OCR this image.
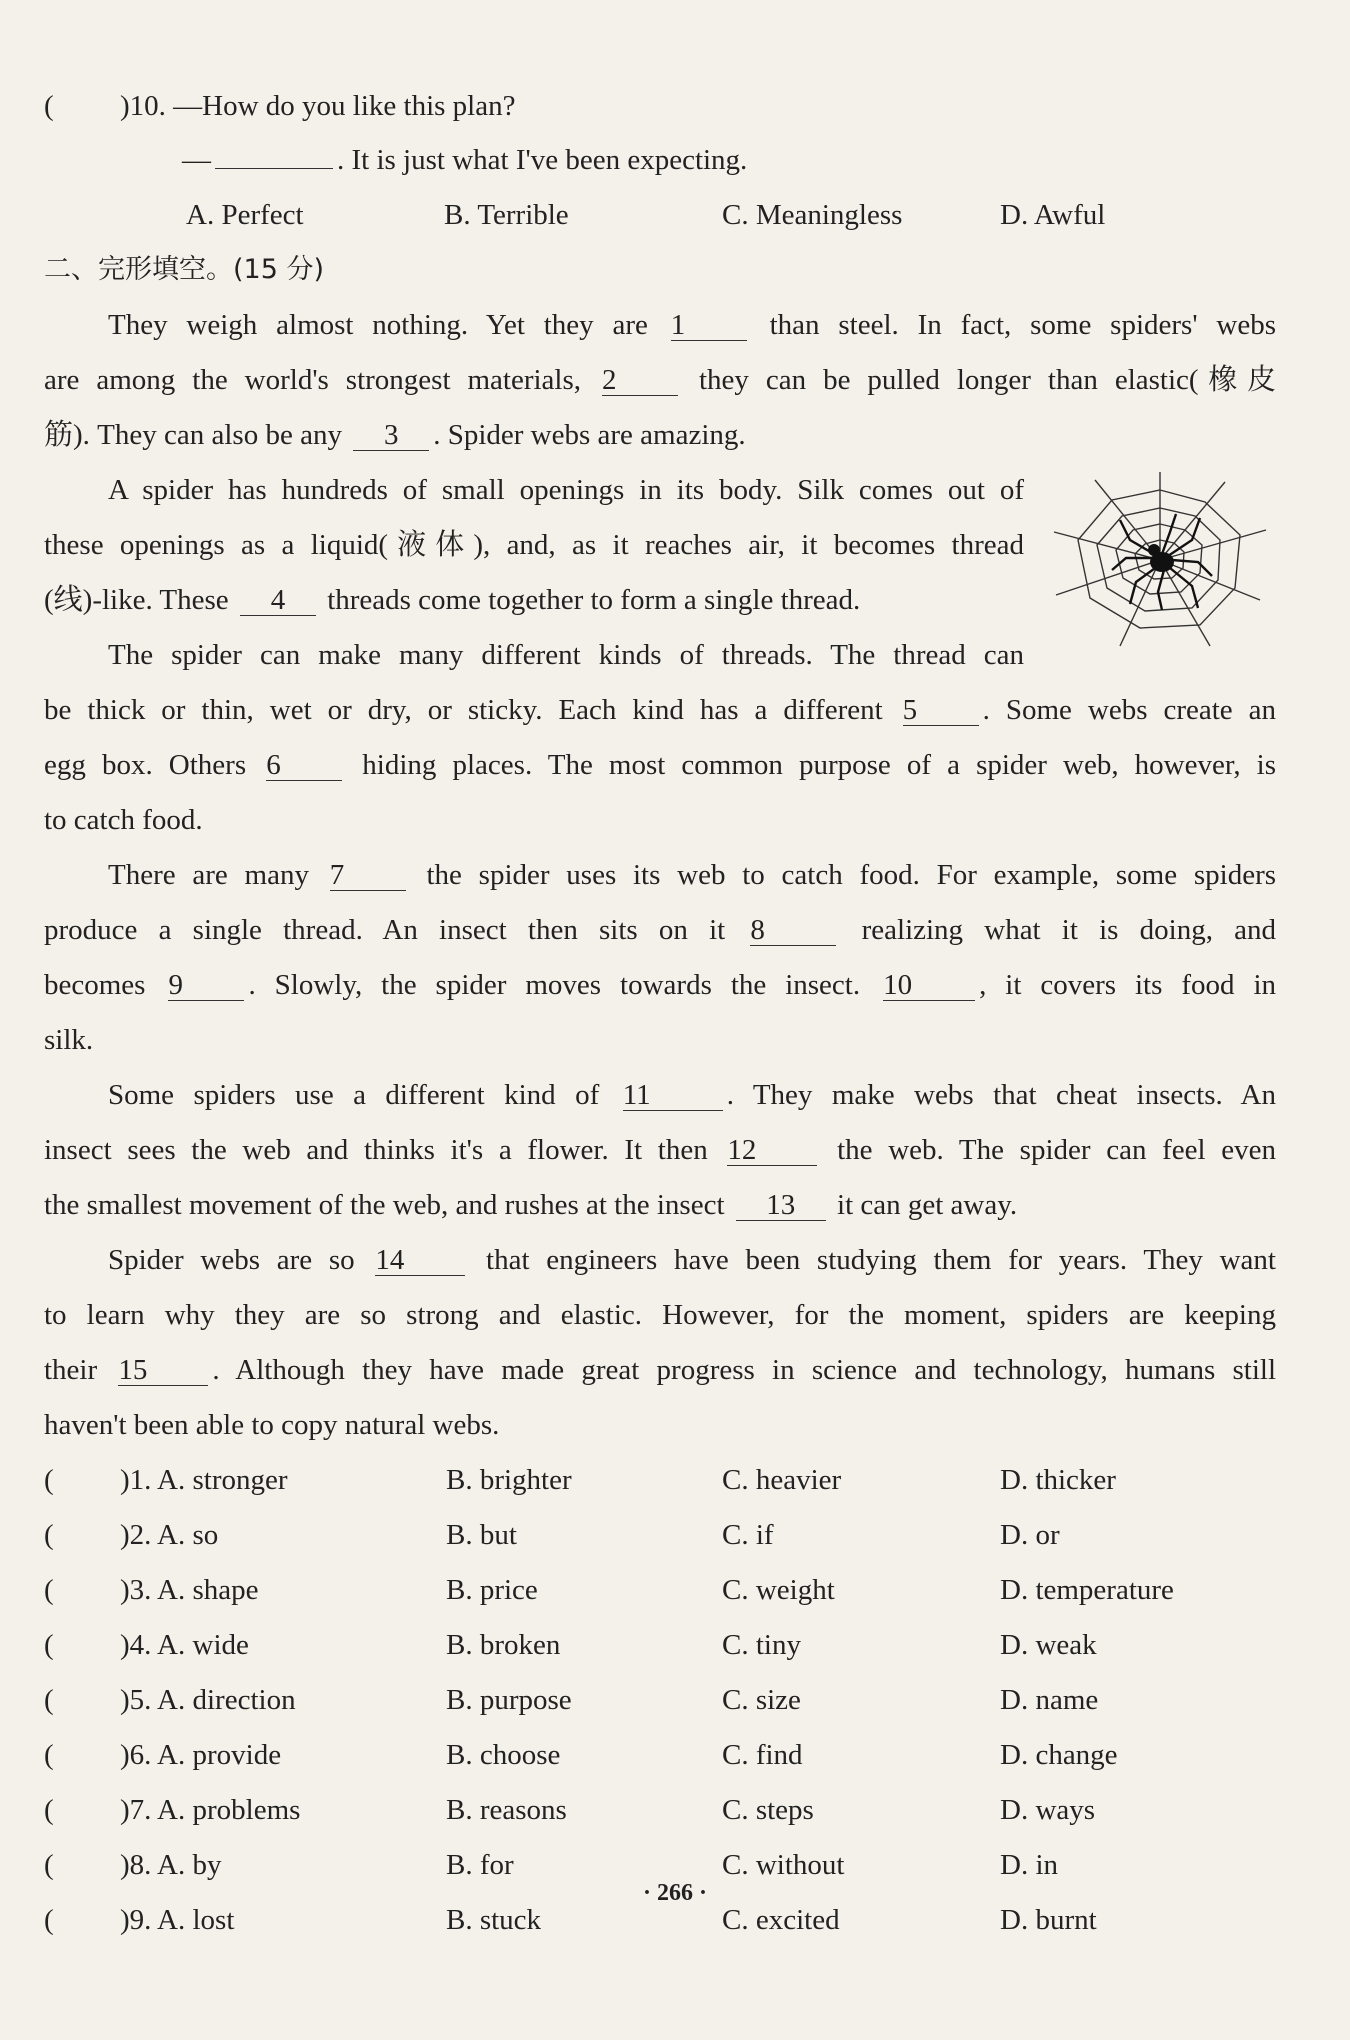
( )10. —How do you like this plan?
—	. It is just what I've been expecting.
A. Perfect	B. Terrible	C. Meaningless	D. Awful
二、完形填空。(15 分)
They weigh almost nothing. Yet they are 1	than steel. In fact, some spiders' webs
are among the world's strongest materials, 2	they can be pulled longer than elastic(橡皮
筋). They can also be any 3 . Spider webs are amazing.
A spider has hundreds of small openings in its body. Silk comes out of
these openings as a liquid(液体), and, as it reaches air, it becomes thread
(线)-like. These 4 threads come together to form a single thread.
The spider can make many different kinds of threads. The thread can
be thick or thin, wet or dry, or sticky. Each kind has a different 5 . Some webs create an
egg box. Others 6	hiding places. The most common purpose of a spider web, however, is
to catch food.
There are many 7	the spider uses its web to catch food. For example, some spiders
produce a single thread. An insect then sits on it 8	realizing what it is doing, and
becomes 9 . Slowly, the spider moves towards the insect. 10 , it covers its food in
silk.
Some spiders use a different kind of 11	. They make webs that cheat insects. An
insect sees the web and thinks it's a flower. It then 12	the web. The spider can feel even
the smallest movement of the web, and rushes at the insect 13 it can get away.
Spider webs are so 14	that engineers have been studying them for years. They want
to learn why they are so strong and elastic. However, for the moment, spiders are keeping
their 15 . Although they have made great progress in science and technology, humans still
haven't been able to copy natural webs.
( )1. A. stronger	B. brighter	C. heavier	D. thicker
( )2. A. so	B. but	C. if	D. or
( )3. A. shape	B. price	C. weight	D. temperature
( )4. A. wide	B. broken	C. tiny	D. weak
( )5. A. direction	B. purpose	C. size	D. name
( )6. A. provide	B. choose	C. find	D. change
( )7. A. problems	B. reasons	C. steps	D. ways
( )8. A. by	B. for	C. without	D. in
( )9. A. lost	B. stuck	C. excited	D. burnt
· 266 ·
